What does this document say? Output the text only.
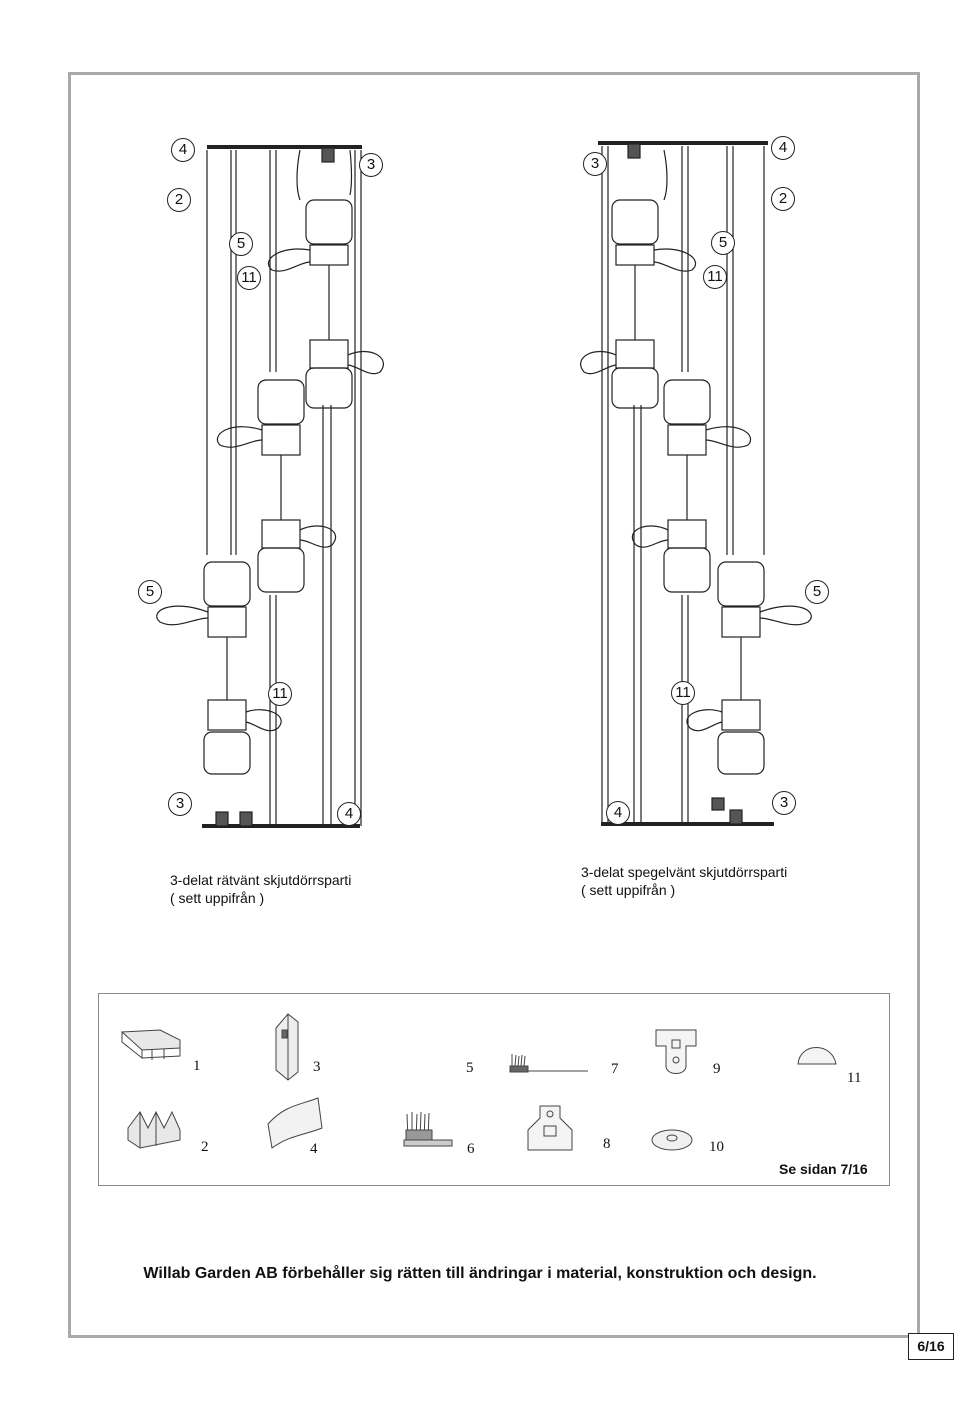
4
3
2
5
11
5
11
3
4
3-delat rätvänt skjutdörrsparti
( sett uppifrån )
3
4
2
5
11
5
11
4
3
3-delat spegelvänt skjutdörrsparti
( sett uppifrån )
1
2
3
4
5
6
7
8
9
10
11
Se sidan 7/16
Willab Garden AB förbehåller sig rätten till ändringar i material, konstruktion och design.
6/16
